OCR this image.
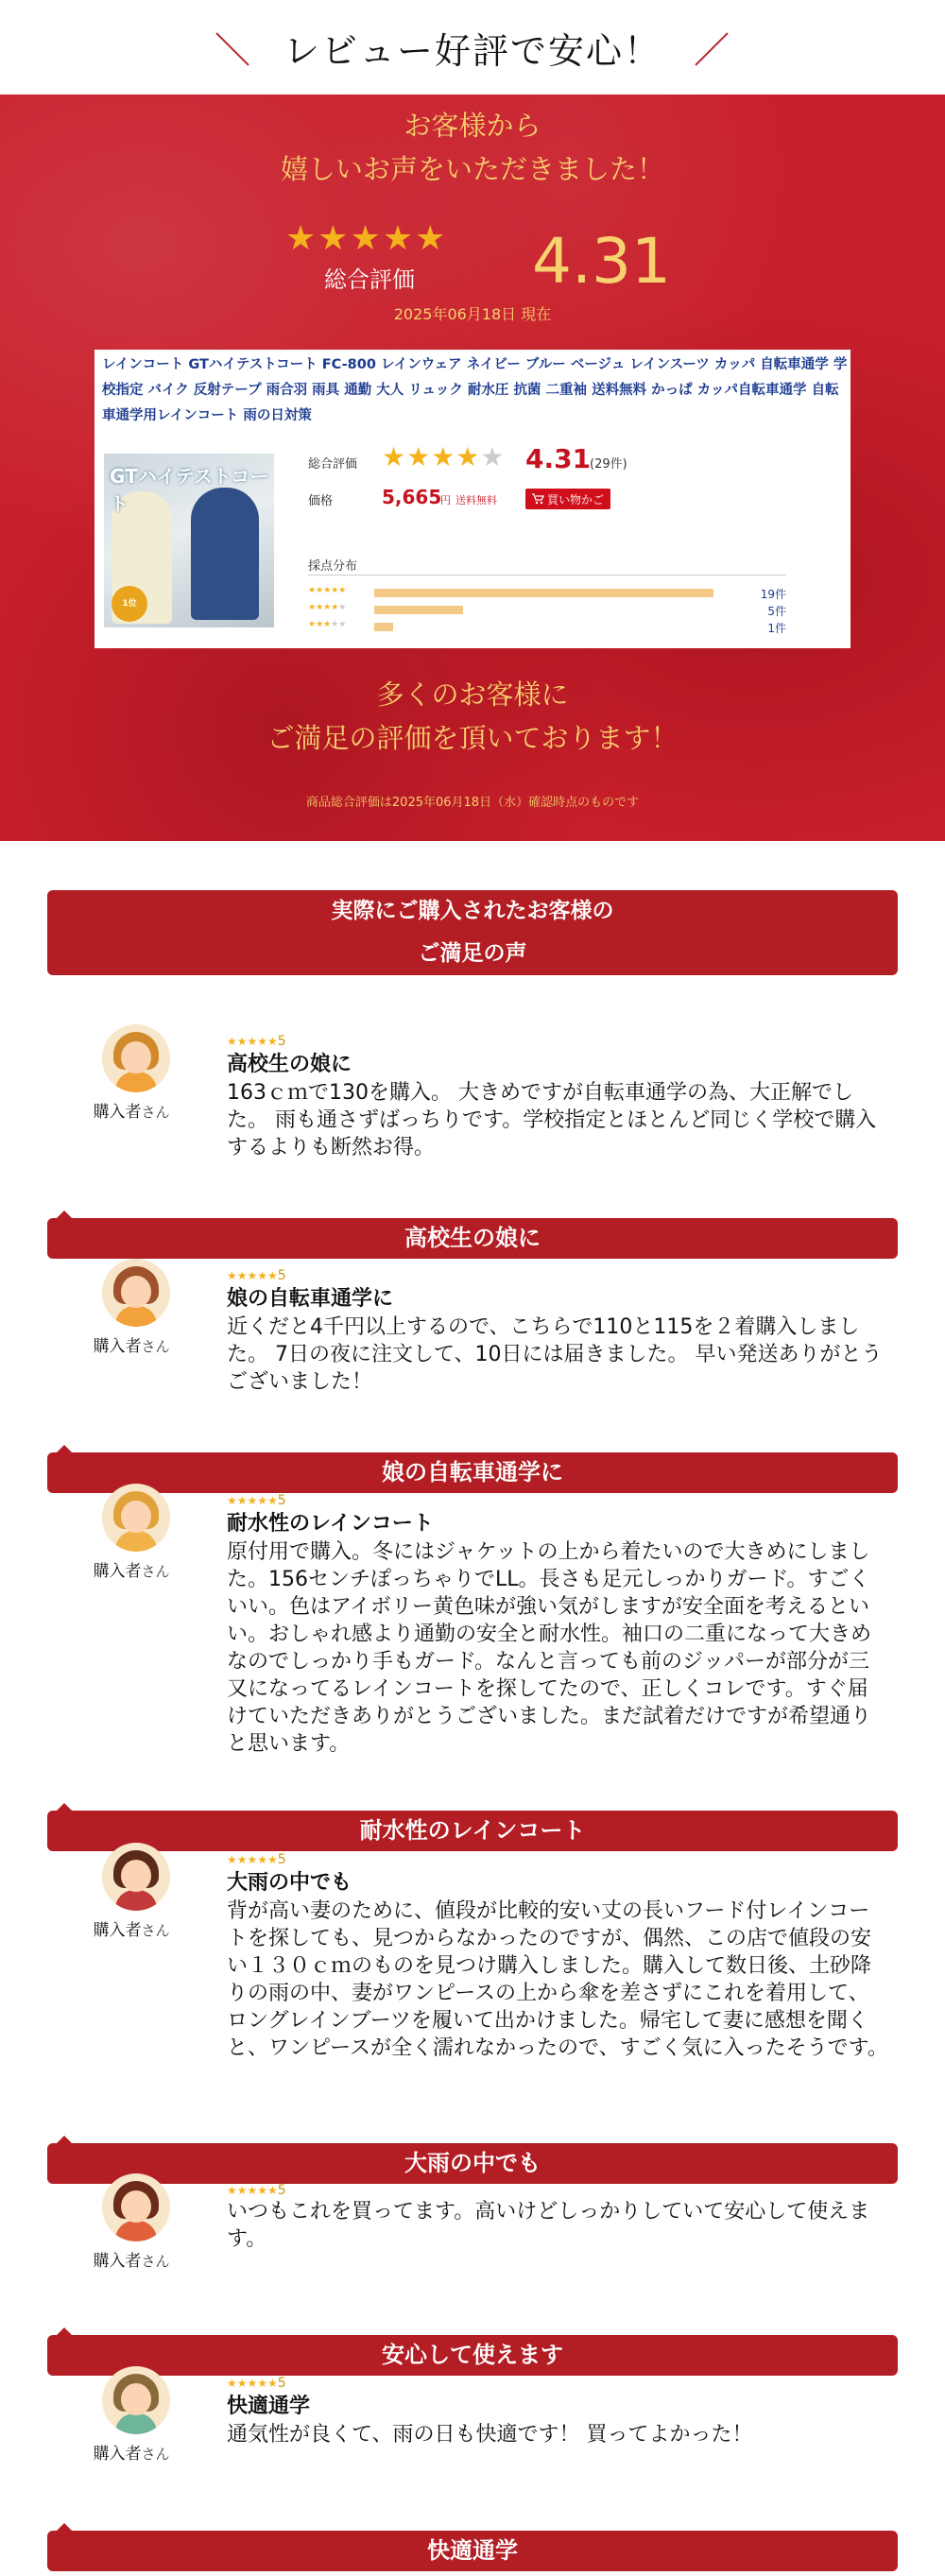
レビュー好評で安心！
お客様から
嬉しいお声をいただきました！
★★★★★
総合評価 4.31
2025年06月18日 現在
レインコート GTハイテストコート FC-800 レインウェア ネイビー ブルー ベージュ レインスーツ カッパ 自転車通学 学校指定 バイク 反射テープ 雨合羽 雨具 通勤 大人 リュック 耐水圧 抗菌 二重袖 送料無料 かっぱ カッパ自転車通学 自転車通学用レインコート 雨の日対策
GTハイテストコート
1位
総合評価 ★★★★★ 4.31
(29件)
価格	5,665
円 送料無料	買い物かご
採点分布
★★★★★	19件
★★★★★	5件
★★★★★	1件
多くのお客様に
ご満足の評価を頂いております！
商品総合評価は2025年06月18日（水）確認時点のものです
実際にご購入されたお客様の
ご満足の声
購入者さん
★★★★★5
高校生の娘に
163ｃｍで130を購入。 大きめですが自転車通学の為、大正解でした。 雨も通さずばっちりです。学校指定とほとんど同じく学校で購入するよりも断然お得。
高校生の娘に
購入者さん
★★★★★5
娘の自転車通学に
近くだと4千円以上するので、こちらで110と115を２着購入しました。 7日の夜に注文して、10日には届きました。 早い発送ありがとうございました！
娘の自転車通学に
購入者さん
★★★★★5
耐水性のレインコート
原付用で購入。冬にはジャケットの上から着たいので大きめにしました。156センチぽっちゃりでLL。長さも足元しっかりガード。すごくいい。色はアイボリー黄色味が強い気がしますが安全面を考えるといい。おしゃれ感より通勤の安全と耐水性。袖口の二重になって大きめなのでしっかり手もガード。なんと言っても前のジッパーが部分が三又になってるレインコートを探してたので、正しくコレです。すぐ届けていただきありがとうございました。まだ試着だけですが希望通りと思います。
耐水性のレインコート
購入者さん
★★★★★5
大雨の中でも
背が高い妻のために、値段が比較的安い丈の長いフード付レインコートを探しても、見つからなかったのですが、偶然、この店で値段の安い１３０ｃｍのものを見つけ購入しました。購入して数日後、土砂降りの雨の中、妻がワンピースの上から傘を差さずにこれを着用して、ロングレインブーツを履いて出かけました。帰宅して妻に感想を聞くと、ワンピースが全く濡れなかったので、すごく気に入ったそうです。
大雨の中でも
購入者さん
★★★★★5
いつもこれを買ってます。高いけどしっかりしていて安心して使えます。
安心して使えます
購入者さん
★★★★★5
快適通学
通気性が良くて、雨の日も快適です！ 買ってよかった！
快適通学
